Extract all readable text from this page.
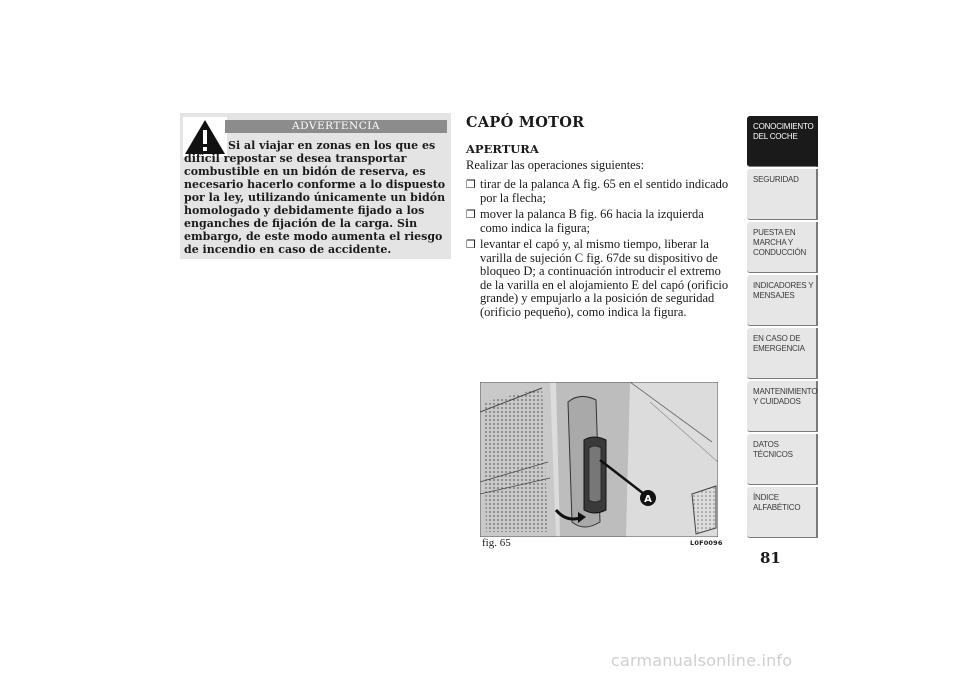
ADVERTENCIA

Si al viajar en zonas en los que es difícil repostar se desea transportar combustible en un bidón de reserva, es necesario hacerlo conforme a lo dispuesto por la ley, utilizando únicamente un bidón homologado y debidamente fijado a los enganches de fijación de la carga. Sin embargo, de este modo aumenta el riesgo de incendio en caso de accidente.

CAPÓ MOTOR
APERTURA

Realizar las operaciones siguientes:

❒ tirar de la palanca A fig. 65 en el sentido indicado por la flecha;
❒ mover la palanca B fig. 66 hacia la izquierda como indica la figura;
❒ levantar el capó y, al mismo tiempo, liberar la varilla de sujeción C fig. 67de su dispositivo de bloqueo D; a continuación introducir el extremo de la varilla en el alojamiento E del capó (orificio grande) y empujarlo a la posición de seguridad (orificio pequeño), como indica la figura.
A
fig. 65	L0F0096
CONOCIMIENTO DEL COCHE
SEGURIDAD
PUESTA EN MARCHA Y CONDUCCIÓN
INDICADORES Y MENSAJES
EN CASO DE EMERGENCIA
MANTENIMIENTO Y CUIDADOS
DATOS TÉCNICOS
ÍNDICE ALFABÉTICO
81
carmanualsonline.info
